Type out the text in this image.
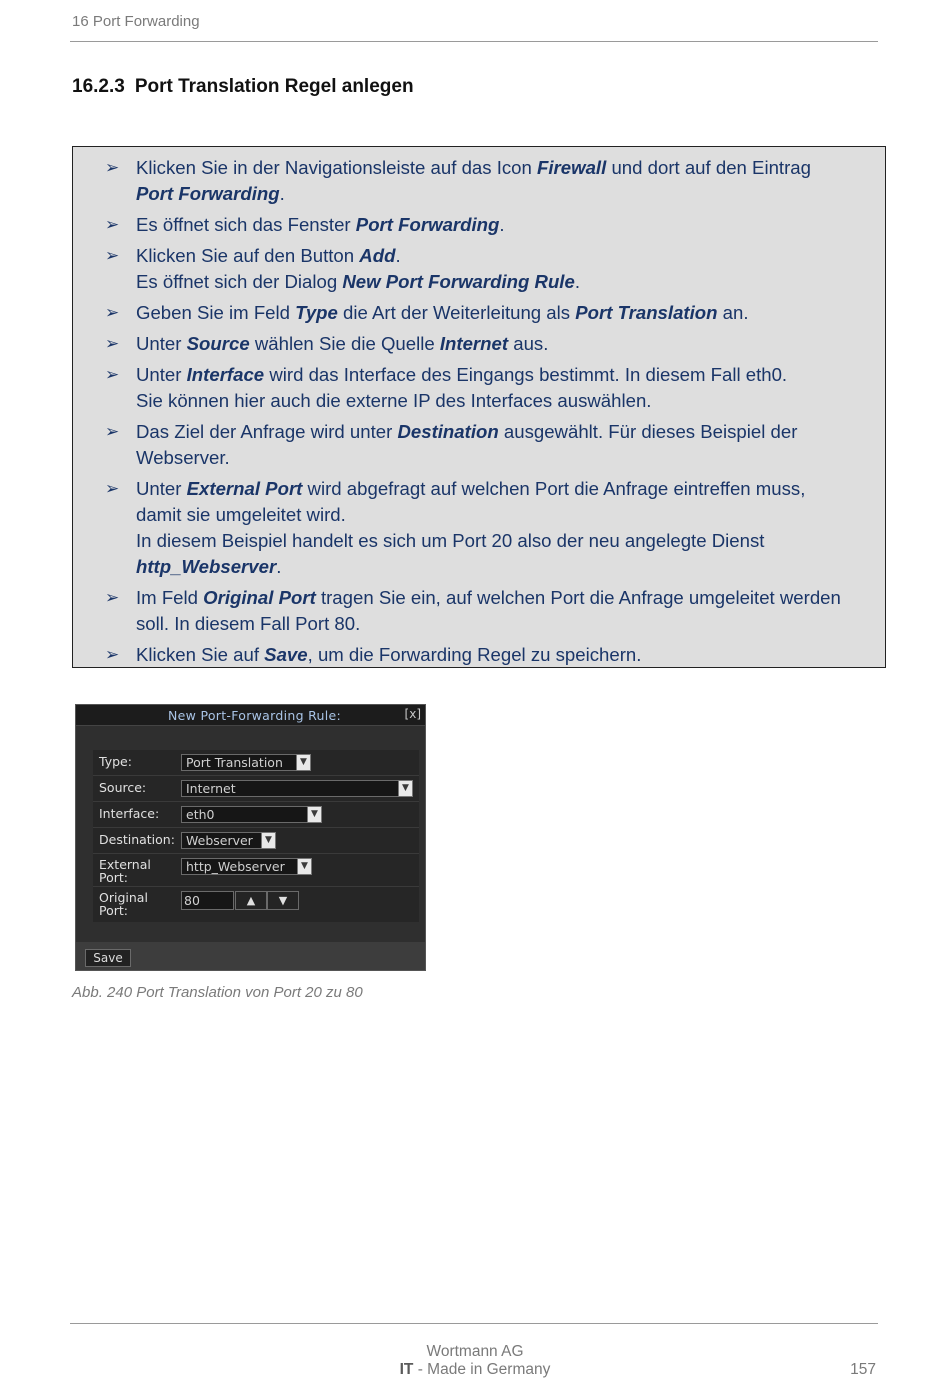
16 Port Forwarding
16.2.3 Port Translation Regel anlegen
➢ Klicken Sie in der Navigationsleiste auf das Icon Firewall und dort auf den Eintrag
Port Forwarding.
➢ Es öffnet sich das Fenster Port Forwarding.
➢ Klicken Sie auf den Button Add.
Es öffnet sich der Dialog New Port Forwarding Rule.
➢ Geben Sie im Feld Type die Art der Weiterleitung als Port Translation an.
➢ Unter Source wählen Sie die Quelle Internet aus.
➢ Unter Interface wird das Interface des Eingangs bestimmt. In diesem Fall eth0.
Sie können hier auch die externe IP des Interfaces auswählen.
➢ Das Ziel der Anfrage wird unter Destination ausgewählt. Für dieses Beispiel der
Webserver.
➢ Unter External Port wird abgefragt auf welchen Port die Anfrage eintreffen muss,
damit sie umgeleitet wird.
In diesem Beispiel handelt es sich um Port 20 also der neu angelegte Dienst
http_Webserver.
➢ Im Feld Original Port tragen Sie ein, auf welchen Port die Anfrage umgeleitet werden
soll. In diesem Fall Port 80.
➢ Klicken Sie auf Save, um die Forwarding Regel zu speichern.
New Port-Forwarding Rule:	[x]
Type:	Port Translation	▼
Source:	Internet	▼
Interface:	eth0	▼
Destination: Webserver	▼
External
Port:
http_Webserver	▼
Original
Port:
80	▲	▼
Save
Abb. 240 Port Translation von Port 20 zu 80
Wortmann AG
IT - Made in Germany	157
